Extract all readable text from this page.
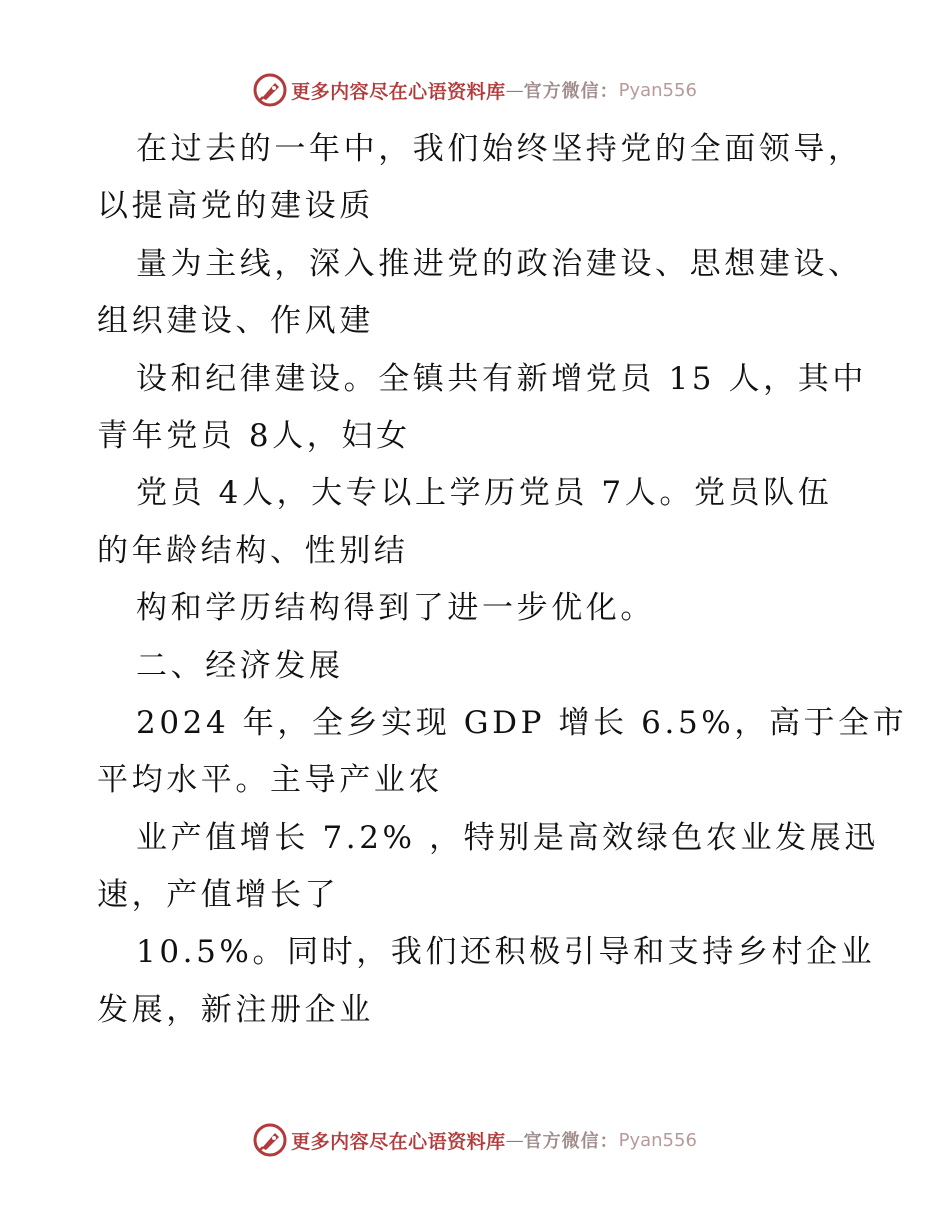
更多内容尽在心语资料库 — 官方微信： Pyan556
在过去的一年中，我们始终坚持党的全面领导，
以提高党的建设质
量为主线，深入推进党的政治建设、思想建设、
组织建设、作风建
设和纪律建设。全镇共有新增党员 15 人，其中
青年党员 8人，妇女
党员 4人，大专以上学历党员 7人。党员队伍
的年龄结构、性别结
构和学历结构得到了进一步优化。
二、经济发展
2024 年，全乡实现 GDP 增长 6.5%，高于全市
平均水平。主导产业农
业产值增长 7.2% ，特别是高效绿色农业发展迅
速，产值增长了
10.5%。同时，我们还积极引导和支持乡村企业
发展，新注册企业
更多内容尽在心语资料库 — 官方微信： Pyan556
